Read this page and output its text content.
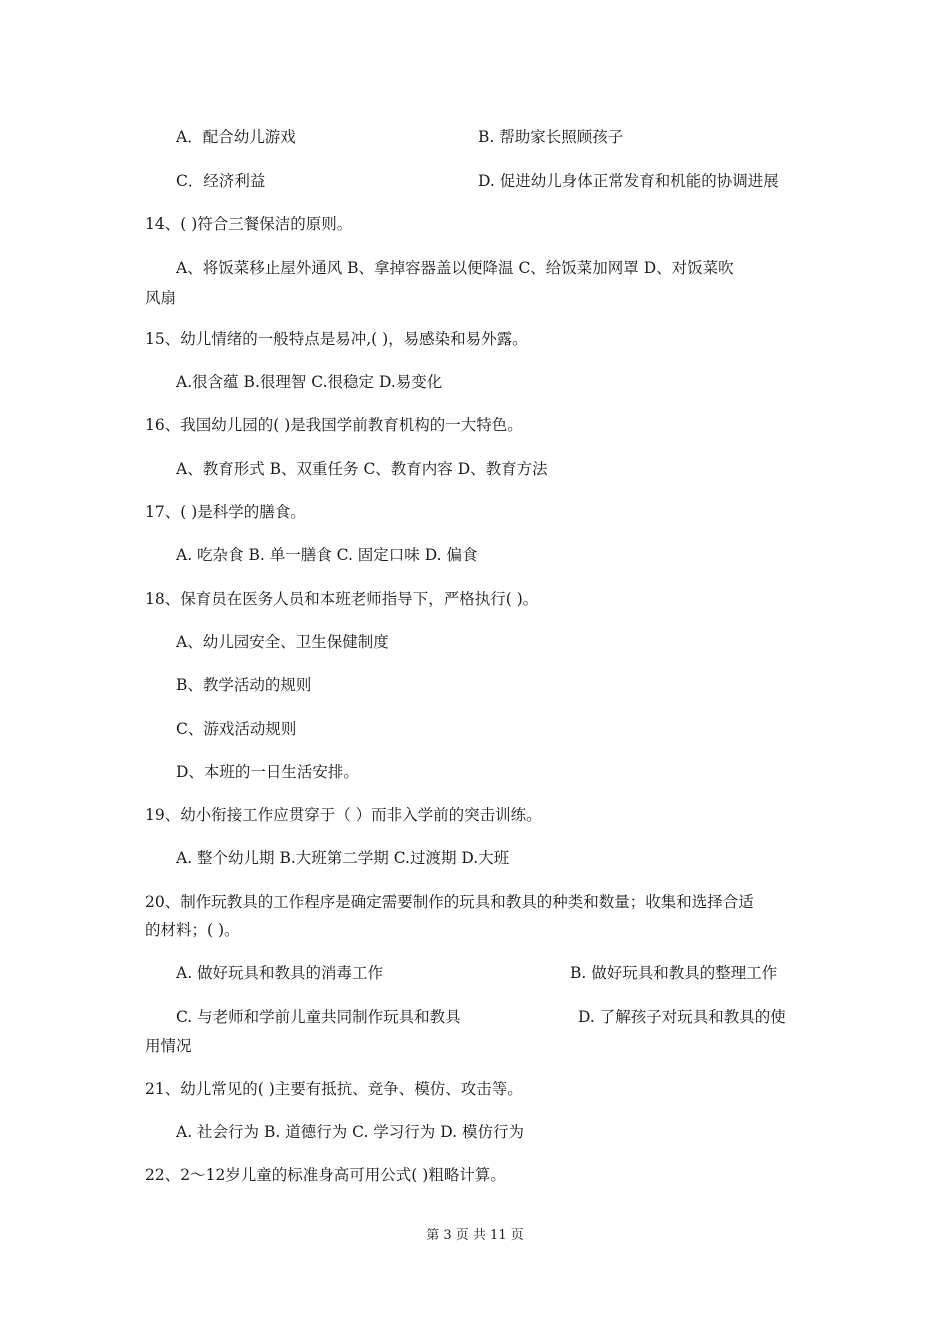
A．配合幼儿游戏	B. 帮助家长照顾孩子
C．经济利益	D. 促进幼儿身体正常发育和机能的协调进展
14、( )符合三餐保洁的原则。
A、将饭菜移止屋外通风 B、拿掉容器盖以便降温 C、给饭菜加网罩 D、对饭菜吹
风扇
15、幼儿情绪的一般特点是易冲,( )，易感染和易外露。
A.很含蕴 B.很理智 C.很稳定 D.易变化
16、我国幼儿园的( )是我国学前教育机构的一大特色。
A、教育形式 B、双重任务 C、教育内容 D、教育方法
17、( )是科学的膳食。
A. 吃杂食 B. 单一膳食 C. 固定口味 D. 偏食
18、保育员在医务人员和本班老师指导下，严格执行( )。
A、幼儿园安全、卫生保健制度
B、教学活动的规则
C、游戏活动规则
D、本班的一日生活安排。
19、幼小衔接工作应贯穿于（ ）而非入学前的突击训练。
A. 整个幼儿期 B.大班第二学期 C.过渡期 D.大班
20、制作玩教具的工作程序是确定需要制作的玩具和教具的种类和数量；收集和选择合适
的材料；( )。
A. 做好玩具和教具的消毒工作	B. 做好玩具和教具的整理工作
C. 与老师和学前儿童共同制作玩具和教具	D. 了解孩子对玩具和教具的使
用情况
21、幼儿常见的( )主要有抵抗、竞争、模仿、攻击等。
A. 社会行为 B. 道德行为 C. 学习行为 D. 模仿行为
22、2～12岁儿童的标准身高可用公式( )粗略计算。
第 3 页 共 11 页
